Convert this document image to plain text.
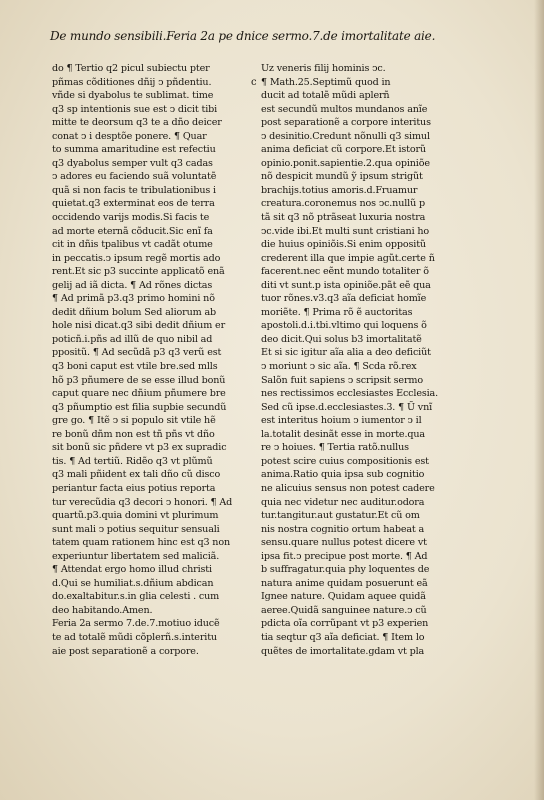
De mundo sensibili.Feria 2a pe dnice sermo.7.de imortalitate aie.
c
do ¶ Tertio q2 picul subiectu pter
pñmas cõditiones dñij ↄ pñdentiu.
vñde si dyabolus te sublimat. time
q3 sp intentionis sue est ↄ dicit tibi
mitte te deorsum q3 te a dño deicer
conat ↄ i desptõe ponere. ¶ Quar
to summa amaritudine est refectiu
q3 dyabolus semper vult q3 cadas
ↄ adores eu faciendo suã voluntatẽ
quã si non facis te tribulationibus i
quietat.q3 exterminat eos de terra
occidendo varijs modis.Si facis te
ad morte eternã cõducit.Sic enĩ fa
cit in dñis tpalibus vt cadãt otume
in peccatis.ↄ ipsum regẽ mortis ado
rent.Et sic p3 succinte applicatõ enã
gelij ad iã dicta. ¶ Ad rõnes dictas
¶ Ad primã p3.q3 primo homini nõ
dedit dñium bolum Sed aliorum ab
hole nisi dicat.q3 sibi dedit dñium er
poticñ.i.pñs ad illũ de quo nibil ad
ppositũ. ¶ Ad secũdã p3 q3 verũ est
q3 boni caput est vtile bre.sed mlls
hõ p3 pñumere de se esse illud bonũ
caput quare nec dñium pñumere bre
q3 pñumptio est filia supbie secundũ
gre go. ¶ Itẽ ↄ si populo sit vtile hẽ
re bonũ dñm non est tñ pñs vt dño
sit bonũ sic pñdere vt p3 ex supradic
tis. ¶ Ad tertiũ. Ridẽo q3 vt plũmũ
q3 mali pñident ex tali dño cũ disco
periantur facta eius potius reporta
tur verecũdia q3 decori ↄ honori. ¶ Ad
quartũ.p3.quia domini vt plurimum
sunt mali ↄ potius sequitur sensuali
tatem quam rationem hinc est q3 non
experiuntur libertatem sed maliciã.
¶ Attendat ergo homo illud christi
d.Qui se humiliat.s.dñium abdican
do.exaltabitur.s.in glia celesti . cum
deo habitando.Amen.
Feria 2a sermo 7.de.7.motiuo iducẽ
te ad totalẽ mũdi cõplerñ.s.interitu
aie post separationẽ a corpore.
Uz veneris filij hominis ↄc.
¶ Math.25.Septimũ quod in
ducit ad totalẽ mũdi aplerñ
est secundũ multos mundanos anĩe
post separationẽ a corpore interitus
ↄ desinitio.Credunt nõnulli q3 simul
anima deficiat cũ corpore.Et istorũ
opinio.ponit.sapientie.2.qua opiniõe
nõ despicit mundũ ỹ ipsum strigũt
brachijs.totius amoris.d.Fruamur
creatura.coronemus nos ↄc.nullũ p
tã sit q3 nõ ptrãseat luxuria nostra
ↄc.vide ibi.Et multi sunt cristiani ho
die huius opiniõis.Si enim oppositũ
crederent illa que impie agũt.certe ñ
facerent.nec eẽnt mundo totaliter õ
diti vt sunt.p ista opiniõe.pãt eẽ qua
tuor rõnes.v3.q3 aĩa deficiat homĩe
moriẽte. ¶ Prima rõ ẽ auctoritas
apostoli.d.i.tbi.vltimo qui loquens õ
deo dicit.Qui solus b3 imortalitatẽ
Et si sic igitur aĩa alia a deo deficiũt
ↄ moriunt ↄ sic aĩa. ¶ Scda rõ.rex
Salõn fuit sapiens ↄ scripsit sermo
nes rectissimos ecclesiastes Ecclesia.
Sed cũ ipse.d.ecclesiastes.3. ¶ Ũ vnĩ
est interitus hoium ↄ iumentor ↄ il
la.totalit desinãt esse in morte.qua
re ↄ hoiues. ¶ Tertia ratõ.nullus
potest scire cuius compositionis est
anima.Ratio quia ipsa sub cognitio
ne alicuius sensus non potest cadere
quia nec videtur nec auditur.odora
tur.tangitur.aut gustatur.Et cũ om
nis nostra cognitio ortum habeat a
sensu.quare nullus potest dicere vt
ipsa fit.ↄ precipue post morte. ¶ Ad
b suffragatur.quia phy loquentes de
natura anime quidam posuerunt eã
Ignee nature. Quidam aquee quidã
aeree.Quidã sanguinee nature.ↄ cũ
pdicta oĩa corrũpant vt p3 experien
tia seqtur q3 aĩa deficiat. ¶ Item lo
quẽtes de imortalitate.gdam vt pla
